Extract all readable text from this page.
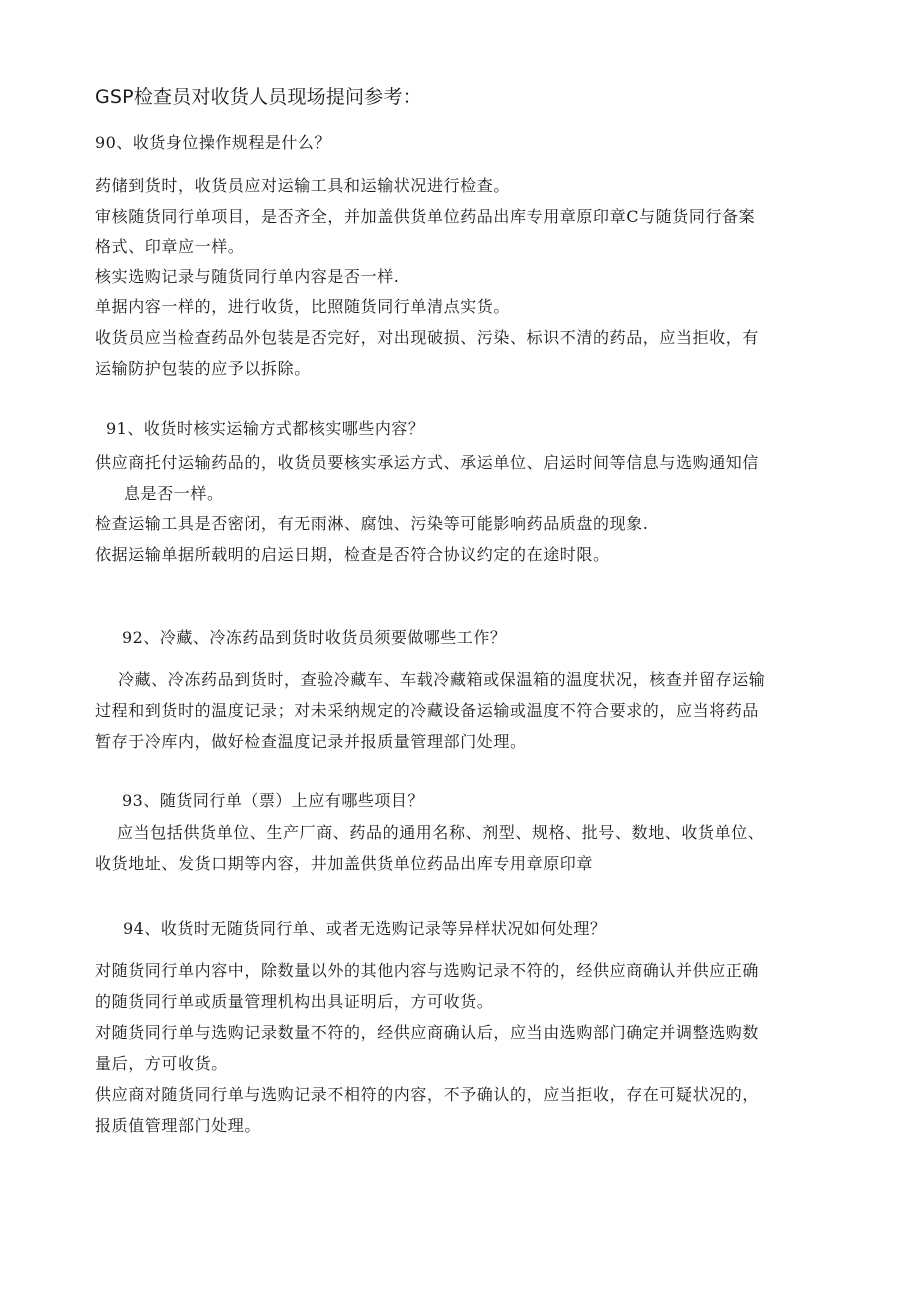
GSP检查员对收货人员现场提问参考：
90、收货身位操作规程是什么？
药储到货时，收货员应对运输工具和运输状况进行检查。
审核随货同行单项目，是否齐全，并加盖供货单位药品出库专用章原印章C与随货同行备案
格式、印章应一样。
核实选购记录与随货同行单内容是否一样.
单据内容一样的，进行收货，比照随货同行单清点实货。
收货员应当检查药品外包装是否完好，对出现破损、污染、标识不清的药品，应当拒收，有
运输防护包装的应予以拆除。
91、收货时核实运输方式都核实哪些内容？
供应商托付运输药品的，收货员要核实承运方式、承运单位、启运时间等信息与选购通知信
息是否一样。
检查运输工具是否密闭，有无雨淋、腐蚀、污染等可能影响药品质盘的现象.
依据运输单据所载明的启运日期，检查是否符合协议约定的在途时限。
92、冷藏、冷冻药品到货时收货员须要做哪些工作？
冷藏、冷冻药品到货时，查验冷藏车、车载冷藏箱或保温箱的温度状况，核查并留存运输
过程和到货时的温度记录；对未采纳规定的冷藏设备运输或温度不符合要求的，应当将药品
暂存于冷库内，做好检查温度记录并报质量管理部门处理。
93、随货同行单（票）上应有哪些项目？
应当包括供货单位、生产厂商、药品的通用名称、剂型、规格、批号、数地、收货单位、
收货地址、发货口期等内容，井加盖供货单位药品出库专用章原印章
94、收货时无随货同行单、或者无选购记录等异样状况如何处理？
对随货同行单内容中，除数量以外的其他内容与选购记录不符的，经供应商确认并供应正确
的随货同行单或质量管理机构出具证明后，方可收货。
对随货同行单与选购记录数量不符的，经供应商确认后，应当由选购部门确定并调整选购数
量后，方可收货。
供应商对随货同行单与选购记录不相符的内容，不予确认的，应当拒收，存在可疑状况的，
报质值管理部门处理。
